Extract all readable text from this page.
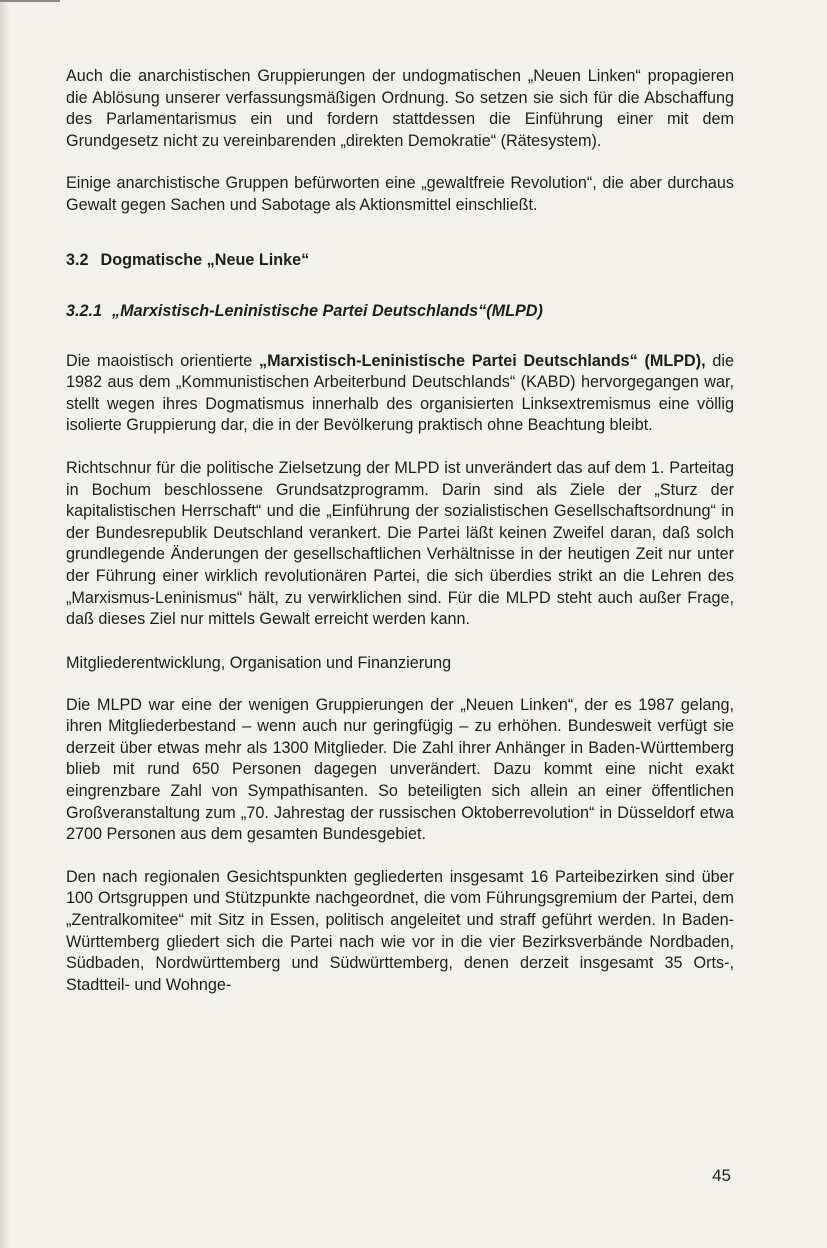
Auch die anarchistischen Gruppierungen der undogmatischen „Neuen Linken“ propagieren die Ablösung unserer verfassungsmäßigen Ordnung. So setzen sie sich für die Abschaffung des Parlamentarismus ein und fordern stattdessen die Einführung einer mit dem Grundgesetz nicht zu vereinbarenden „direkten Demokratie“ (Rätesystem).

Einige anarchistische Gruppen befürworten eine „gewaltfreie Revolution“, die aber durchaus Gewalt gegen Sachen und Sabotage als Aktionsmittel einschließt.

3.2 Dogmatische „Neue Linke“
3.2.1 „Marxistisch-Leninistische Partei Deutschlands“(MLPD)

Die maoistisch orientierte „Marxistisch-Leninistische Partei Deutschlands“ (MLPD), die 1982 aus dem „Kommunistischen Arbeiterbund Deutschlands“ (KABD) hervorgegangen war, stellt wegen ihres Dogmatismus innerhalb des organisierten Linksextremismus eine völlig isolierte Gruppierung dar, die in der Bevölkerung praktisch ohne Beachtung bleibt.

Richtschnur für die politische Zielsetzung der MLPD ist unverändert das auf dem 1. Parteitag in Bochum beschlossene Grundsatzprogramm. Darin sind als Ziele der „Sturz der kapitalistischen Herrschaft“ und die „Einführung der sozialistischen Gesellschaftsordnung“ in der Bundesrepublik Deutschland verankert. Die Partei läßt keinen Zweifel daran, daß solch grundlegende Änderungen der gesellschaftlichen Verhältnisse in der heutigen Zeit nur unter der Führung einer wirklich revolutionären Partei, die sich überdies strikt an die Lehren des „Marxismus-Leninismus“ hält, zu verwirklichen sind. Für die MLPD steht auch außer Frage, daß dieses Ziel nur mittels Gewalt erreicht werden kann.

Mitgliederentwicklung, Organisation und Finanzierung

Die MLPD war eine der wenigen Gruppierungen der „Neuen Linken“, der es 1987 gelang, ihren Mitgliederbestand – wenn auch nur geringfügig – zu erhöhen. Bundesweit verfügt sie derzeit über etwas mehr als 1300 Mitglieder. Die Zahl ihrer Anhänger in Baden-Württemberg blieb mit rund 650 Personen dagegen unverändert. Dazu kommt eine nicht exakt eingrenzbare Zahl von Sympathisanten. So beteiligten sich allein an einer öffentlichen Großveranstaltung zum „70. Jahrestag der russischen Oktoberrevolution“ in Düsseldorf etwa 2700 Personen aus dem gesamten Bundesgebiet.

Den nach regionalen Gesichtspunkten gegliederten insgesamt 16 Parteibezirken sind über 100 Ortsgruppen und Stützpunkte nachgeordnet, die vom Führungsgremium der Partei, dem „Zentralkomitee“ mit Sitz in Essen, politisch angeleitet und straff geführt werden. In Baden-Württemberg gliedert sich die Partei nach wie vor in die vier Bezirksverbände Nordbaden, Südbaden, Nordwürttemberg und Südwürttemberg, denen derzeit insgesamt 35 Orts-, Stadtteil- und Wohnge-

45
